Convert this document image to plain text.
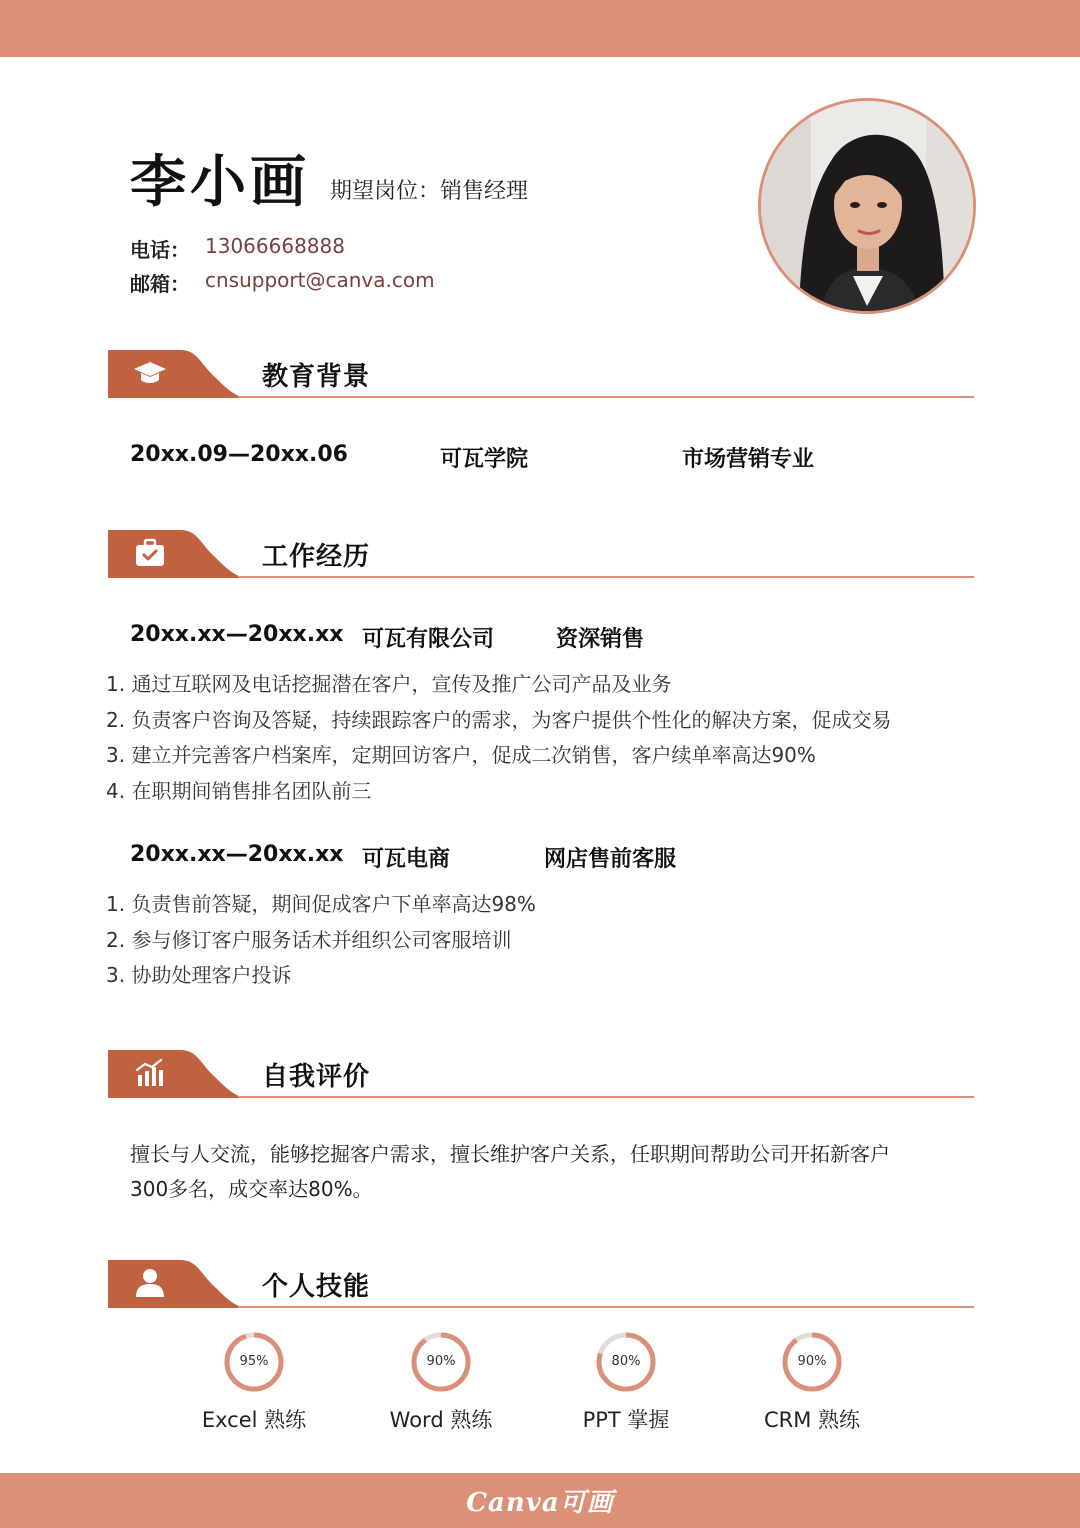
李小画 期望岗位：销售经理
电话： 13066668888
邮箱： cnsupport@canva.com
教育背景
20xx.09—20xx.06	可瓦学院	市场营销专业
工作经历
20xx.xx—20xx.xx 可瓦有限公司	资深销售
1. 通过互联网及电话挖掘潜在客户，宣传及推广公司产品及业务
2. 负责客户咨询及答疑，持续跟踪客户的需求，为客户提供个性化的解决方案，促成交易
3. 建立并完善客户档案库，定期回访客户，促成二次销售，客户续单率高达90%
4. 在职期间销售排名团队前三
20xx.xx—20xx.xx 可瓦电商	网店售前客服
1. 负责售前答疑，期间促成客户下单率高达98%
2. 参与修订客户服务话术并组织公司客服培训
3. 协助处理客户投诉
自我评价
擅长与人交流，能够挖掘客户需求，擅长维护客户关系，任职期间帮助公司开拓新客户
300多名，成交率达80%。
个人技能
95%
Excel 熟练
90%
Word 熟练
80%
PPT 掌握
90%
CRM 熟练
Canva可画
